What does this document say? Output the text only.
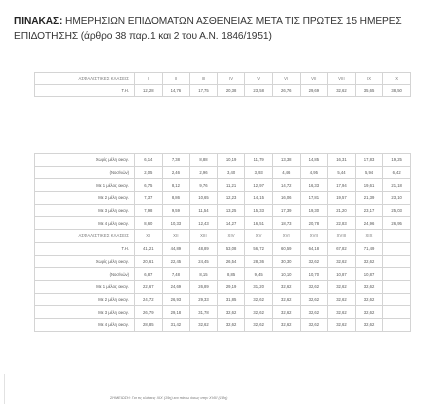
ΠΙΝΑΚΑΣ: ΗΜΕΡΗΣΙΩΝ ΕΠΙΔΟΜΑΤΩΝ ΑΣΘΕΝΕΙΑΣ ΜΕΤΑ ΤΙΣ ΠΡΩΤΕΣ 15 ΗΜΕΡΕΣ ΕΠΙΔΟΤΗΣΗΣ (άρθρο 38 παρ.1 και 2 του Α.Ν. 1846/1951)
ΑΣΦΑΛΙΣΤΙΚΕΣ ΚΛΑΣΕΙΣ	I	II	III	IV	V	VI	VII	VIII	IX	X
Τ.Η.	12,28	14,76	17,75	20,38	23,58	26,76	29,69	32,62	35,65	38,50
Χωρίς μέλη οικογ.	6,14	7,38	8,88	10,19	11,79	13,38	14,85	16,31	17,83	19,25
(Νοσ/νών)	2,05	2,46	2,96	3,40	3,93	4,46	4,95	5,44	5,94	6,42
Με 1 μέλος οικογ.	6,75	8,12	9,76	11,21	12,97	14,72	16,33	17,94	19,61	21,18
Με 2 μέλη οικογ.	7,37	8,86	10,65	12,23	14,15	16,06	17,81	19,57	21,39	23,10
Με 3 μέλη οικογ.	7,98	9,59	11,54	13,25	15,33	17,39	19,30	21,20	23,17	25,03
Με 4 μέλη οικογ.	8,60	10,33	12,43	14,27	16,51	18,73	20,78	22,83	24,96	26,95
ΑΣΦΑΛΙΣΤΙΚΕΣ ΚΛΑΣΕΙΣ	XI	XII	XIII	XIV	XV	XVI	XVII	XVIII	XIX	
Τ.Η.	41,21	44,89	48,89	53,08	56,72	60,59	64,18	67,82	71,49	
Χωρίς μέλη οικογ.	20,61	22,45	24,45	26,54	28,36	30,30	32,62	32,62	32,62	
(Νοσ/νών)	6,87	7,48	8,15	8,85	9,45	10,10	10,70	10,87	10,87	
Με 1 μέλος οικογ.	22,67	24,69	26,89	29,19	31,20	32,62	32,62	32,62	32,62	
Με 2 μέλη οικογ.	24,72	26,93	29,33	31,85	32,62	32,62	32,62	32,62	32,62	
Με 3 μέλη οικογ.	26,79	29,18	31,78	32,62	32,62	32,62	32,62	32,62	32,62	
Με 4 μέλη οικογ.	28,85	31,42	32,62	32,62	32,62	32,62	32,62	32,62	32,62	
ΣΗΜΕΙΩΣΗ: Για τις κλάσεις XIX (19η) και πάνω όσως στην XVIII (18η)
